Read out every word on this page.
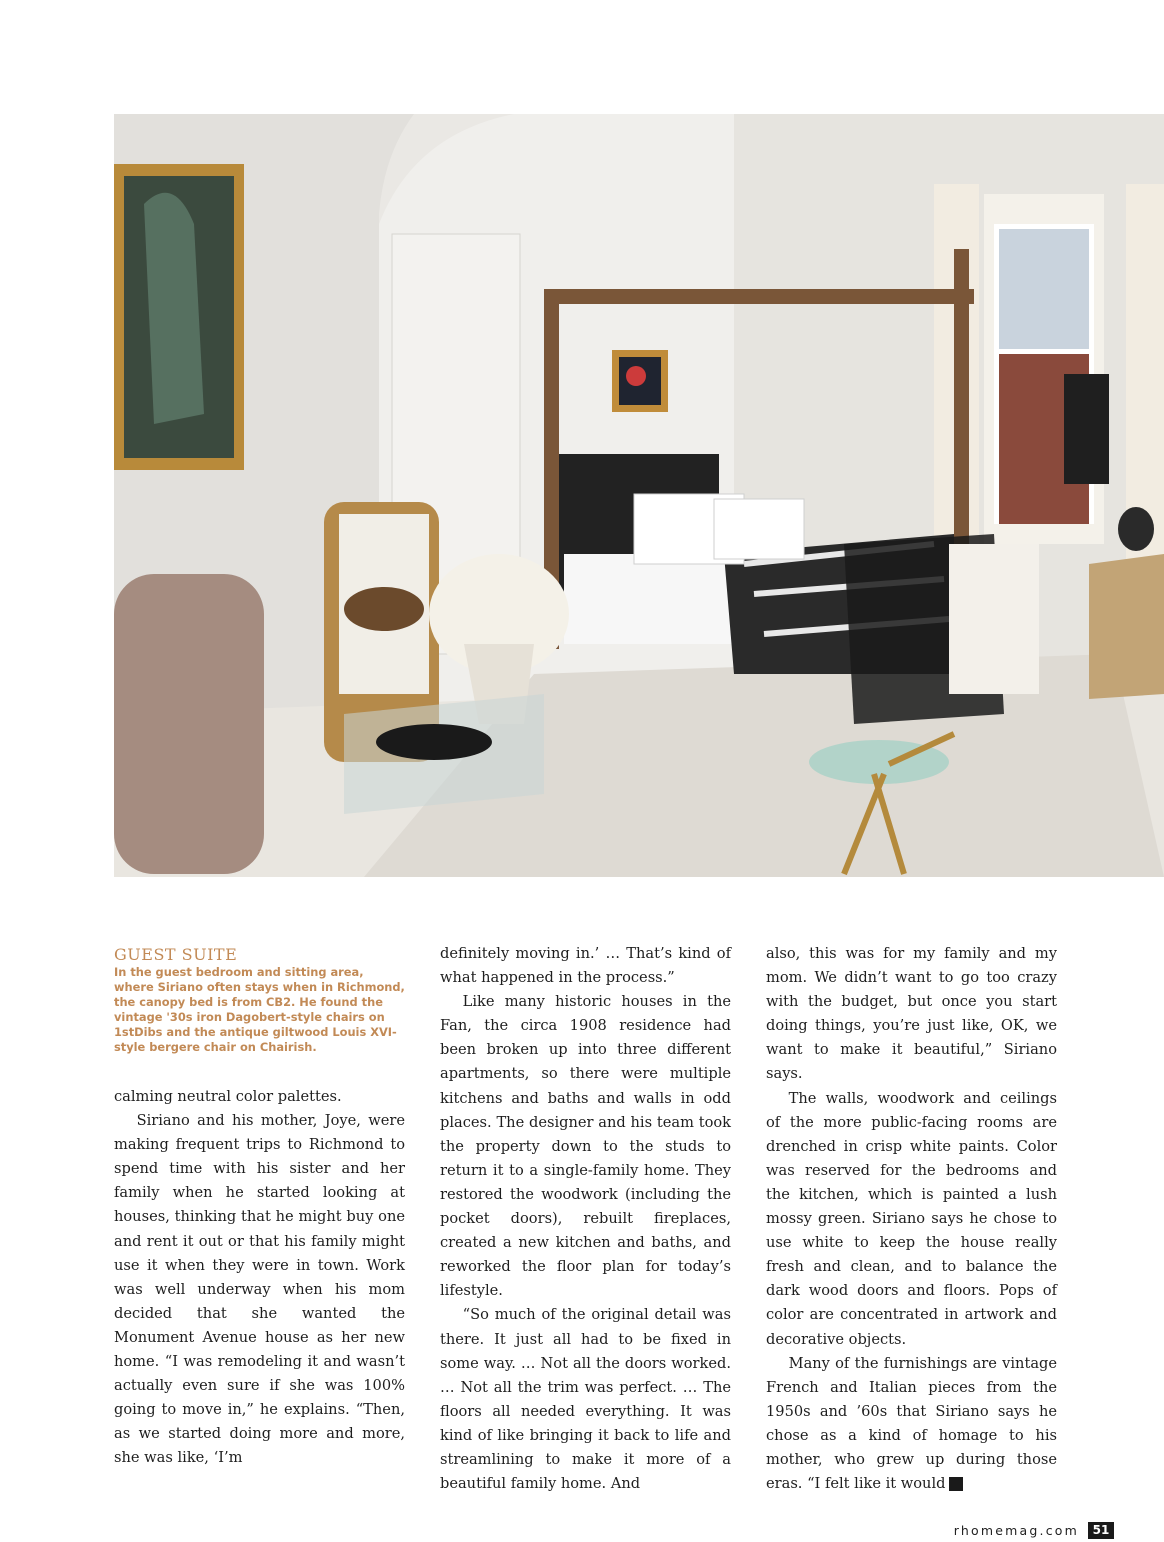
GUEST SUITE
In the guest bedroom and sitting area, where Siriano often stays when in Richmond, the canopy bed is from CB2. He found the vintage '30s iron Dagobert-style chairs on 1stDibs and the antique giltwood Louis XVI-style bergere chair on Chairish.

calming neutral color palettes.

Siriano and his mother, Joye, were making frequent trips to Richmond to spend time with his sister and her family when he started looking at houses, thinking that he might buy one and rent it out or that his family might use it when they were in town. Work was well underway when his mom decided that she wanted the Monument Avenue house as her new home. “I was remodeling it and wasn’t actually even sure if she was 100% going to move in,” he explains. “Then, as we started doing more and more, she was like, ‘I’m

definitely moving in.’ … That’s kind of what happened in the process.”

Like many historic houses in the Fan, the circa 1908 residence had been broken up into three different apartments, so there were multiple kitchens and baths and walls in odd places. The designer and his team took the property down to the studs to return it to a single-family home. They restored the woodwork (including the pocket doors), rebuilt fireplaces, created a new kitchen and baths, and reworked the floor plan for today’s lifestyle.

“So much of the original detail was there. It just all had to be fixed in some way. … Not all the doors worked. … Not all the trim was perfect. … The floors all needed everything. It was kind of like bringing it back to life and streamlining to make it more of a beautiful family home. And

also, this was for my family and my mom. We didn’t want to go too crazy with the budget, but once you start doing things, you’re just like, OK, we want to make it beautiful,” Siriano says.

The walls, woodwork and ceilings of the more public-facing rooms are drenched in crisp white paints. Color was reserved for the bedrooms and the kitchen, which is painted a lush mossy green. Siriano says he chose to use white to keep the house really fresh and clean, and to balance the dark wood doors and floors. Pops of color are concentrated in artwork and decorative objects.

Many of the furnishings are vintage French and Italian pieces from the 1950s and ’60s that Siriano says he chose as a kind of homage to his mother, who grew up during those eras. “I felt like it would ➜

rhomemag.com	51
